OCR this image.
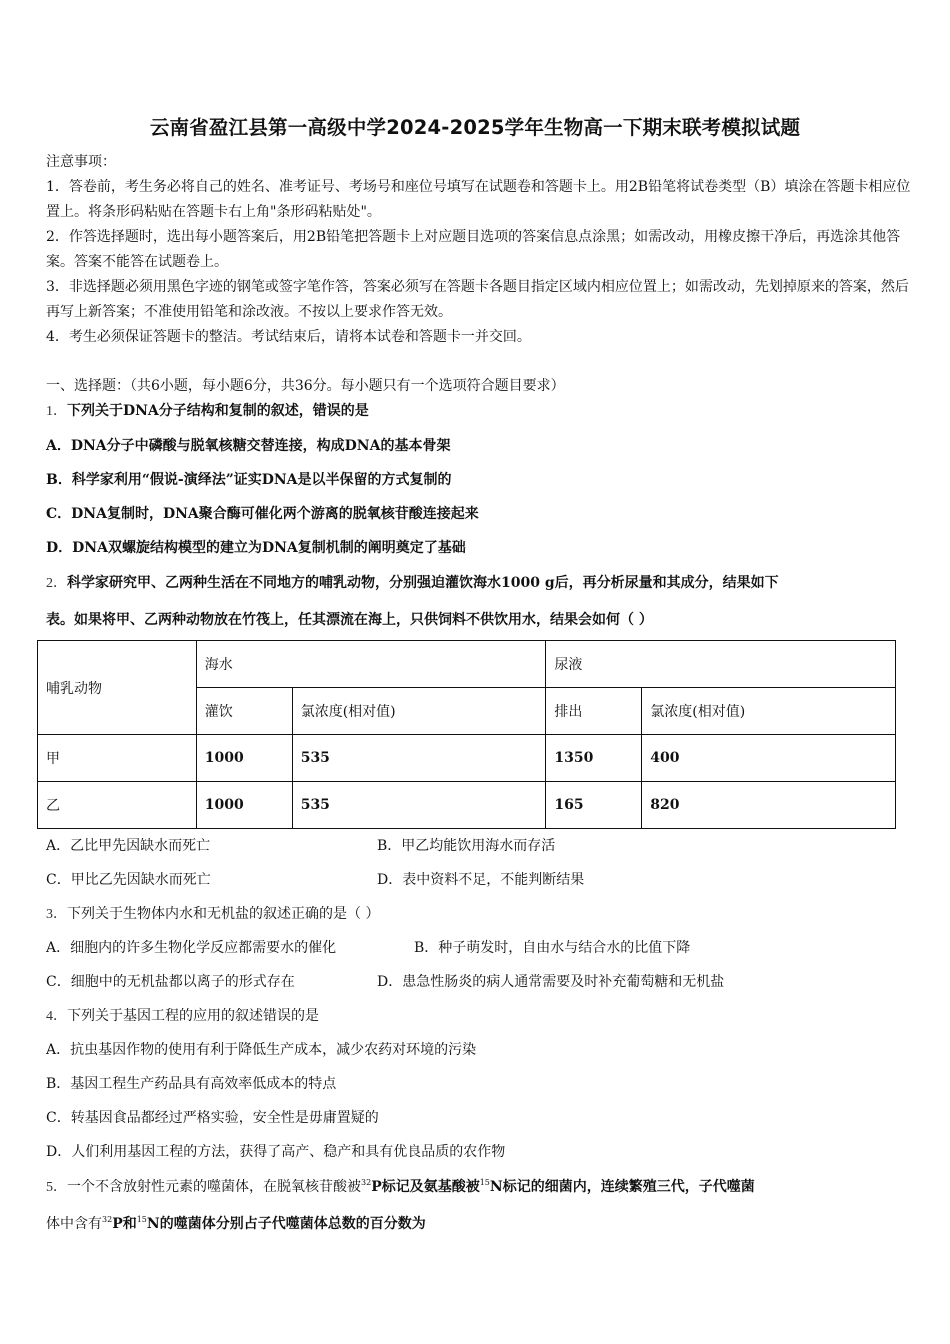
云南省盈江县第一高级中学2024-2025学年生物高一下期末联考模拟试题

注意事项：

1．答卷前，考生务必将自己的姓名、准考证号、考场号和座位号填写在试题卷和答题卡上。用2B铅笔将试卷类型（B）填涂在答题卡相应位置上。将条形码粘贴在答题卡右上角"条形码粘贴处"。

2．作答选择题时，选出每小题答案后，用2B铅笔把答题卡上对应题目选项的答案信息点涂黑；如需改动，用橡皮擦干净后，再选涂其他答案。答案不能答在试题卷上。

3．非选择题必须用黑色字迹的钢笔或签字笔作答，答案必须写在答题卡各题目指定区域内相应位置上；如需改动，先划掉原来的答案，然后再写上新答案；不准使用铅笔和涂改液。不按以上要求作答无效。

4．考生必须保证答题卡的整洁。考试结束后，请将本试卷和答题卡一并交回。

一、选择题：（共6小题，每小题6分，共36分。每小题只有一个选项符合题目要求）
1．下列关于DNA分子结构和复制的叙述，错误的是
A．DNA分子中磷酸与脱氧核糖交替连接，构成DNA的基本骨架
B．科学家利用“假说-演绎法”证实DNA是以半保留的方式复制的
C．DNA复制时，DNA聚合酶可催化两个游离的脱氧核苷酸连接起来
D．DNA双螺旋结构模型的建立为DNA复制机制的阐明奠定了基础
2．科学家研究甲、乙两种生活在不同地方的哺乳动物，分别强迫灌饮海水1000 g后，再分析尿量和其成分，结果如下
表。如果将甲、乙两种动物放在竹筏上，任其漂流在海上，只供饲料不供饮用水，结果会如何（ ）
哺乳动物	海水		尿液	
	灌饮	氯浓度(相对值)	排出	氯浓度(相对值)
甲	1000	535	1350	400
乙	1000	535	165	820
A．乙比甲先因缺水而死亡	B．甲乙均能饮用海水而存活
C．甲比乙先因缺水而死亡	D．表中资料不足，不能判断结果
3．下列关于生物体内水和无机盐的叙述正确的是（ ）
A．细胞内的许多生物化学反应都需要水的催化	B．种子萌发时，自由水与结合水的比值下降
C．细胞中的无机盐都以离子的形式存在	D．患急性肠炎的病人通常需要及时补充葡萄糖和无机盐
4．下列关于基因工程的应用的叙述错误的是
A．抗虫基因作物的使用有利于降低生产成本，减少农药对环境的污染
B．基因工程生产药品具有高效率低成本的特点
C．转基因食品都经过严格实验，安全性是毋庸置疑的
D．人们利用基因工程的方法，获得了高产、稳产和具有优良品质的农作物
5．一个不含放射性元素的噬菌体，在脱氧核苷酸被$^{32}$P标记及氨基酸被$^{15}$N标记的细菌内，连续繁殖三代，子代噬菌
体中含有$^{32}$P和$^{15}$N的噬菌体分别占子代噬菌体总数的百分数为
